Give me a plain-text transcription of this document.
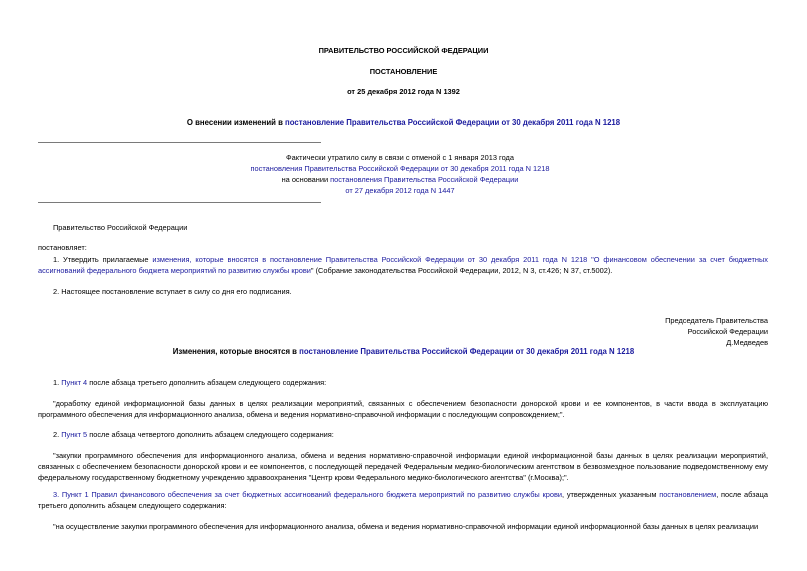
ПРАВИТЕЛЬСТВО РОССИЙСКОЙ ФЕДЕРАЦИИ
ПОСТАНОВЛЕНИЕ
от 25 декабря 2012 года N 1392
О внесении изменений в постановление Правительства Российской Федерации от 30 декабря 2011 года N 1218
Фактически утратило силу в связи с отменой с 1 января 2013 года
постановления Правительства Российской Федерации от 30 декабря 2011 года N 1218
на основании постановления Правительства Российской Федерации
от 27 декабря 2012 года N 1447
Правительство Российской Федерации
постановляет:
1. Утвердить прилагаемые изменения, которые вносятся в постановление Правительства Российской Федерации от 30 декабря 2011 года N 1218 "О финансовом обеспечении за счет бюджетных ассигнований федерального бюджета мероприятий по развитию службы крови" (Собрание законодательства Российской Федерации, 2012, N 3, ст.426; N 37, ст.5002).
2. Настоящее постановление вступает в силу со дня его подписания.
Председатель Правительства
Российской Федерации
Д.Медведев
Изменения, которые вносятся в постановление Правительства Российской Федерации от 30 декабря 2011 года N 1218
1. Пункт 4 после абзаца третьего дополнить абзацем следующего содержания:
"доработку единой информационной базы данных в целях реализации мероприятий, связанных с обеспечением безопасности донорской крови и ее компонентов, в части ввода в эксплуатацию программного обеспечения для информационного анализа, обмена и ведения нормативно-справочной информации с последующим сопровождением;".
2. Пункт 5 после абзаца четвертого дополнить абзацем следующего содержания:
"закупки программного обеспечения для информационного анализа, обмена и ведения нормативно-справочной информации единой информационной базы данных в целях реализации мероприятий, связанных с обеспечением безопасности донорской крови и ее компонентов, с последующей передачей Федеральным медико-биологическим агентством в безвозмездное пользование подведомственному ему федеральному государственному бюджетному учреждению здравоохранения "Центр крови Федерального медико-биологического агентства" (г.Москва);".
3. Пункт 1 Правил финансового обеспечения за счет бюджетных ассигнований федерального бюджета мероприятий по развитию службы крови, утвержденных указанным постановлением, после абзаца третьего дополнить абзацем следующего содержания:
"на осуществление закупки программного обеспечения для информационного анализа, обмена и ведения нормативно-справочной информации единой информационной базы данных в целях реализации
